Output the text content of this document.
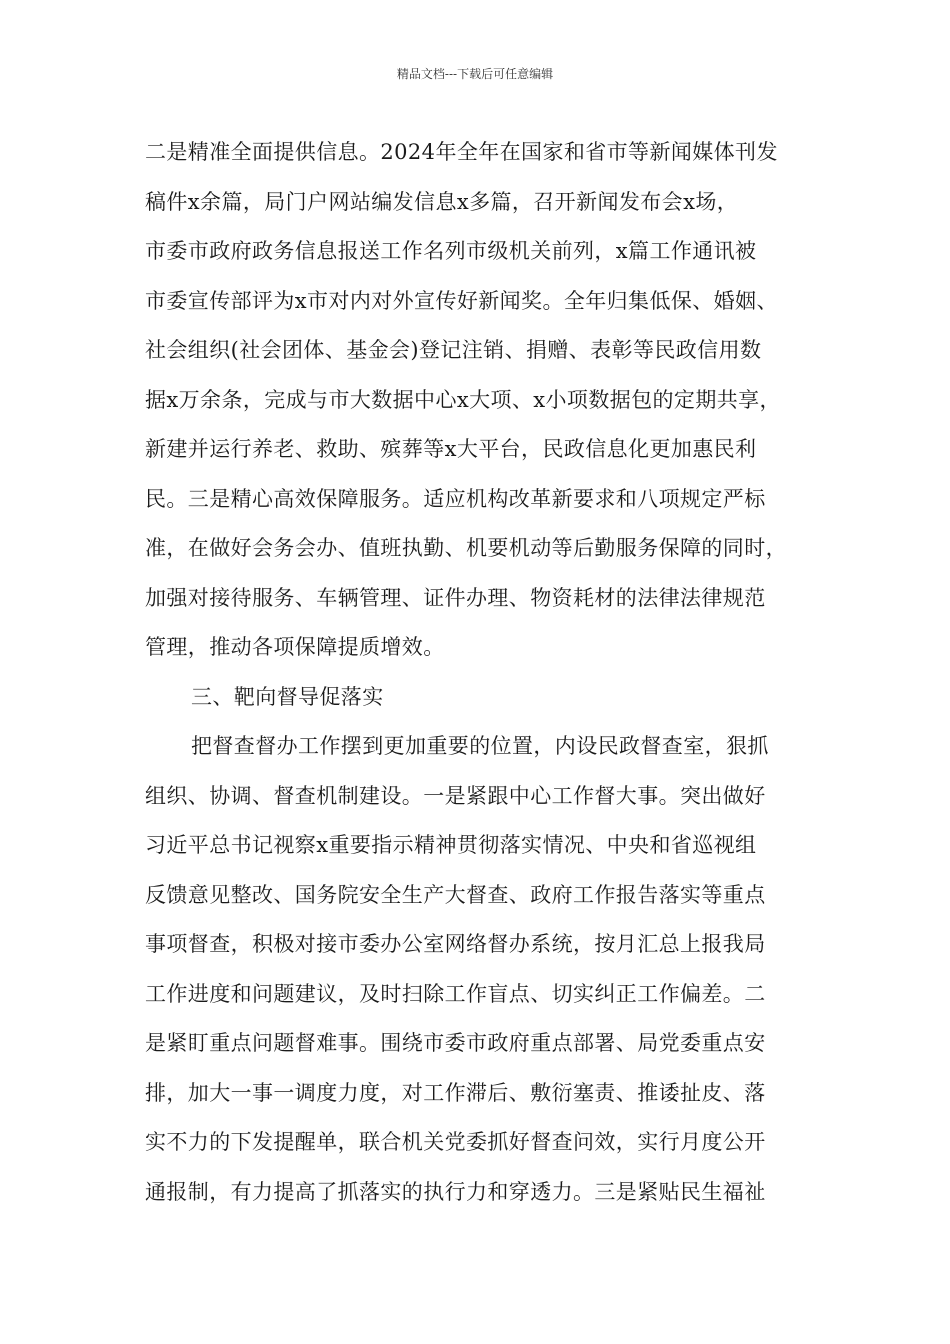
精品文档---下载后可任意编辑
二是精准全面提供信息。2024年全年在国家和省市等新闻媒体刊发
稿件x余篇，局门户网站编发信息x多篇，召开新闻发布会x场，
市委市政府政务信息报送工作名列市级机关前列，x篇工作通讯被
市委宣传部评为x市对内对外宣传好新闻奖。全年归集低保、婚姻、
社会组织(社会团体、基金会)登记注销、捐赠、表彰等民政信用数
据x万余条，完成与市大数据中心x大项、x小项数据包的定期共享，
新建并运行养老、救助、殡葬等x大平台，民政信息化更加惠民利
民。三是精心高效保障服务。适应机构改革新要求和八项规定严标
准，在做好会务会办、值班执勤、机要机动等后勤服务保障的同时，
加强对接待服务、车辆管理、证件办理、物资耗材的法律法律规范
管理，推动各项保障提质增效。
三、靶向督导促落实
把督查督办工作摆到更加重要的位置，内设民政督查室，狠抓
组织、协调、督查机制建设。一是紧跟中心工作督大事。突出做好
习近平总书记视察x重要指示精神贯彻落实情况、中央和省巡视组
反馈意见整改、国务院安全生产大督查、政府工作报告落实等重点
事项督查，积极对接市委办公室网络督办系统，按月汇总上报我局
工作进度和问题建议，及时扫除工作盲点、切实纠正工作偏差。二
是紧盯重点问题督难事。围绕市委市政府重点部署、局党委重点安
排，加大一事一调度力度，对工作滞后、敷衍塞责、推诿扯皮、落
实不力的下发提醒单，联合机关党委抓好督查问效，实行月度公开
通报制，有力提高了抓落实的执行力和穿透力。三是紧贴民生福祉
